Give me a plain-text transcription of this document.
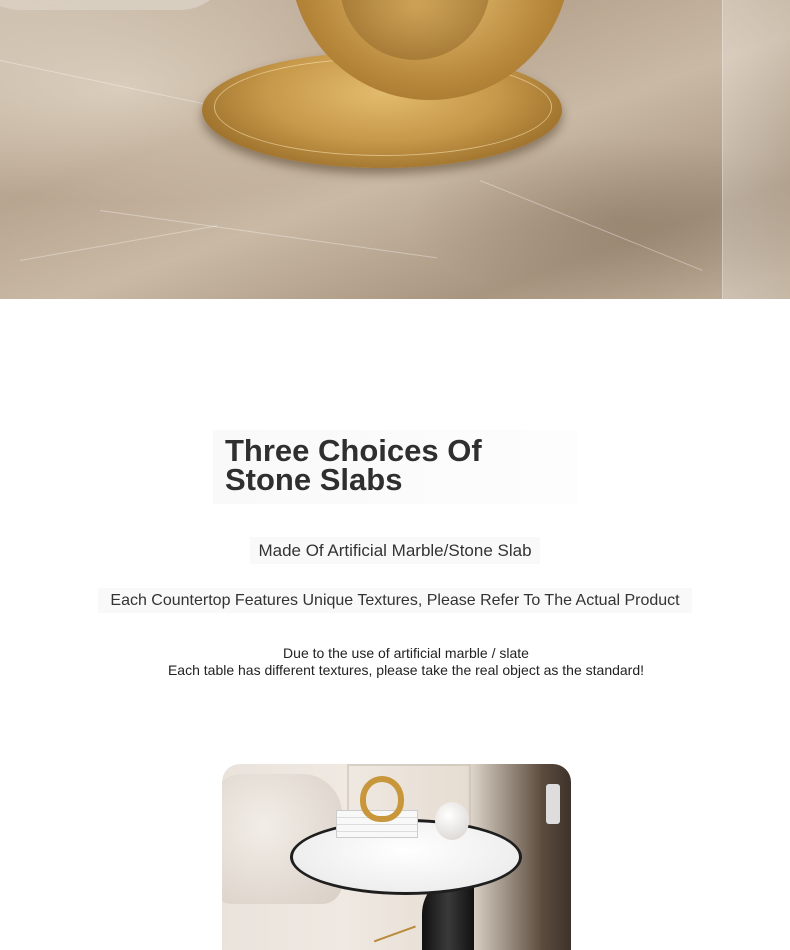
Three Choices Of
Stone Slabs

Made Of Artificial Marble/Stone Slab

Each Countertop Features Unique Textures, Please Refer To The Actual Product

Due to the use of artificial marble / slate

Each table has different textures, please take the real object as the standard!
